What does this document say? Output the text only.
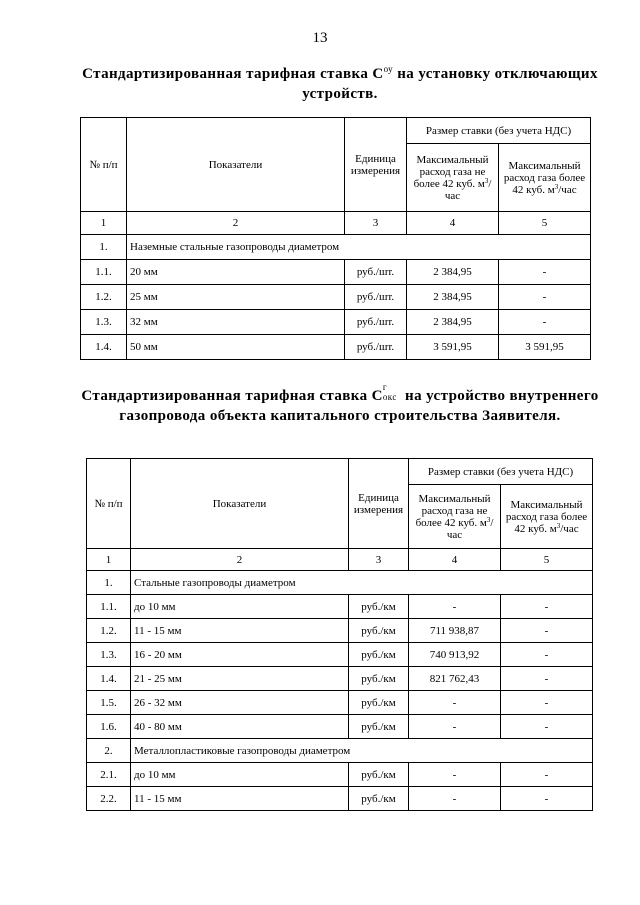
13
Стандартизированная тарифная ставка $C^{оу}$ на установку отключающих устройств.
№ п/п	Показатели	Единица измерения	Размер ставки (без учета НДС)	
			Максимальный расход газа не более 42 куб. $м^3$/час	Максимальный расход газа более 42 куб. $м^3$/час
1	2	3	4	5
1.	Наземные стальные газопроводы диаметром			
1.1.	20 мм	руб./шт.	2 384,95	-
1.2.	25 мм	руб./шт.	2 384,95	-
1.3.	32 мм	руб./шт.	2 384,95	-
1.4.	50 мм	руб./шт.	3 591,95	3 591,95
Стандартизированная тарифная ставка C
г
окс на устройство внутреннего газопровода объекта капитального строительства Заявителя.
№ п/п	Показатели	Единица измерения	Размер ставки (без учета НДС)	
			Максимальный расход газа не более 42 куб. $м^3$/час	Максимальный расход газа более 42 куб. $м^3$/час
1	2	3	4	5
1.	Стальные газопроводы диаметром			
1.1.	до 10 мм	руб./км	-	-
1.2.	11 - 15 мм	руб./км	711 938,87	-
1.3.	16 - 20 мм	руб./км	740 913,92	-
1.4.	21 - 25 мм	руб./км	821 762,43	-
1.5.	26 - 32 мм	руб./км	-	-
1.6.	40 - 80 мм	руб./км	-	-
2.	Металлопластиковые газопроводы диаметром			
2.1.	до 10 мм	руб./км	-	-
2.2.	11 - 15 мм	руб./км	-	-
